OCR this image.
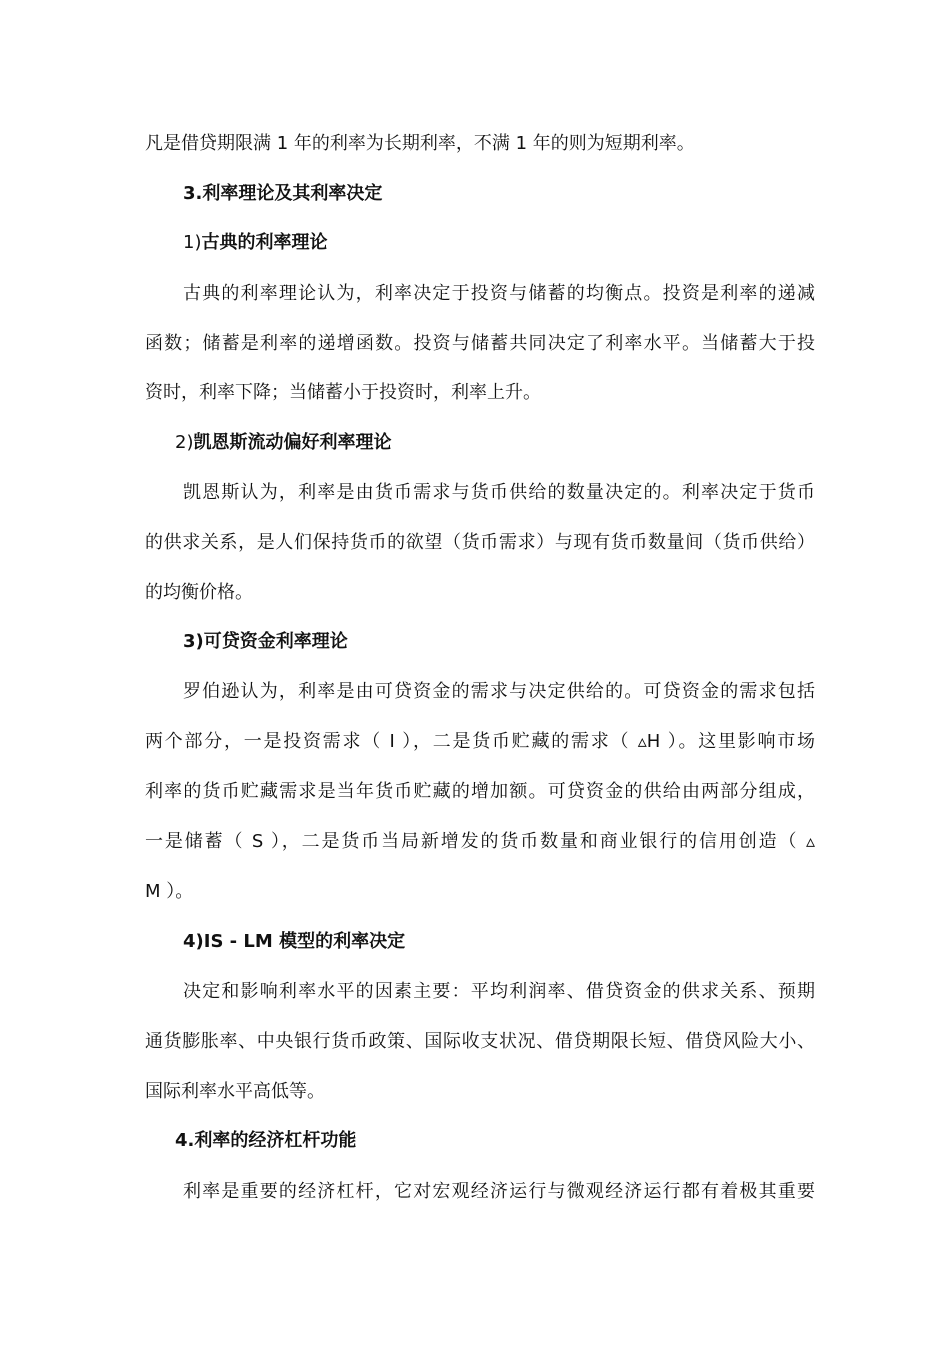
凡是借贷期限满 1 年的利率为长期利率，不满 1 年的则为短期利率。
3.利率理论及其利率决定
1)古典的利率理论
古典的利率理论认为，利率决定于投资与储蓄的均衡点。投资是利率的递减
函数；储蓄是利率的递增函数。投资与储蓄共同决定了利率水平。当储蓄大于投
资时，利率下降；当储蓄小于投资时，利率上升。
2)凯恩斯流动偏好利率理论
凯恩斯认为，利率是由货币需求与货币供给的数量决定的。利率决定于货币
的供求关系，是人们保持货币的欲望（货币需求）与现有货币数量间（货币供给）
的均衡价格。
3)可贷资金利率理论
罗伯逊认为，利率是由可贷资金的需求与决定供给的。可贷资金的需求包括
两个部分，一是投资需求（ I ），二是货币贮藏的需求（ ▵H ）。这里影响市场
利率的货币贮藏需求是当年货币贮藏的增加额。可贷资金的供给由两部分组成，
一是储蓄（ S ），二是货币当局新增发的货币数量和商业银行的信用创造（ ▵
M ）。
4)IS - LM 模型的利率决定
决定和影响利率水平的因素主要：平均利润率、借贷资金的供求关系、预期
通货膨胀率、中央银行货币政策、国际收支状况、借贷期限长短、借贷风险大小、
国际利率水平高低等。
4.利率的经济杠杆功能
利率是重要的经济杠杆，它对宏观经济运行与微观经济运行都有着极其重要
